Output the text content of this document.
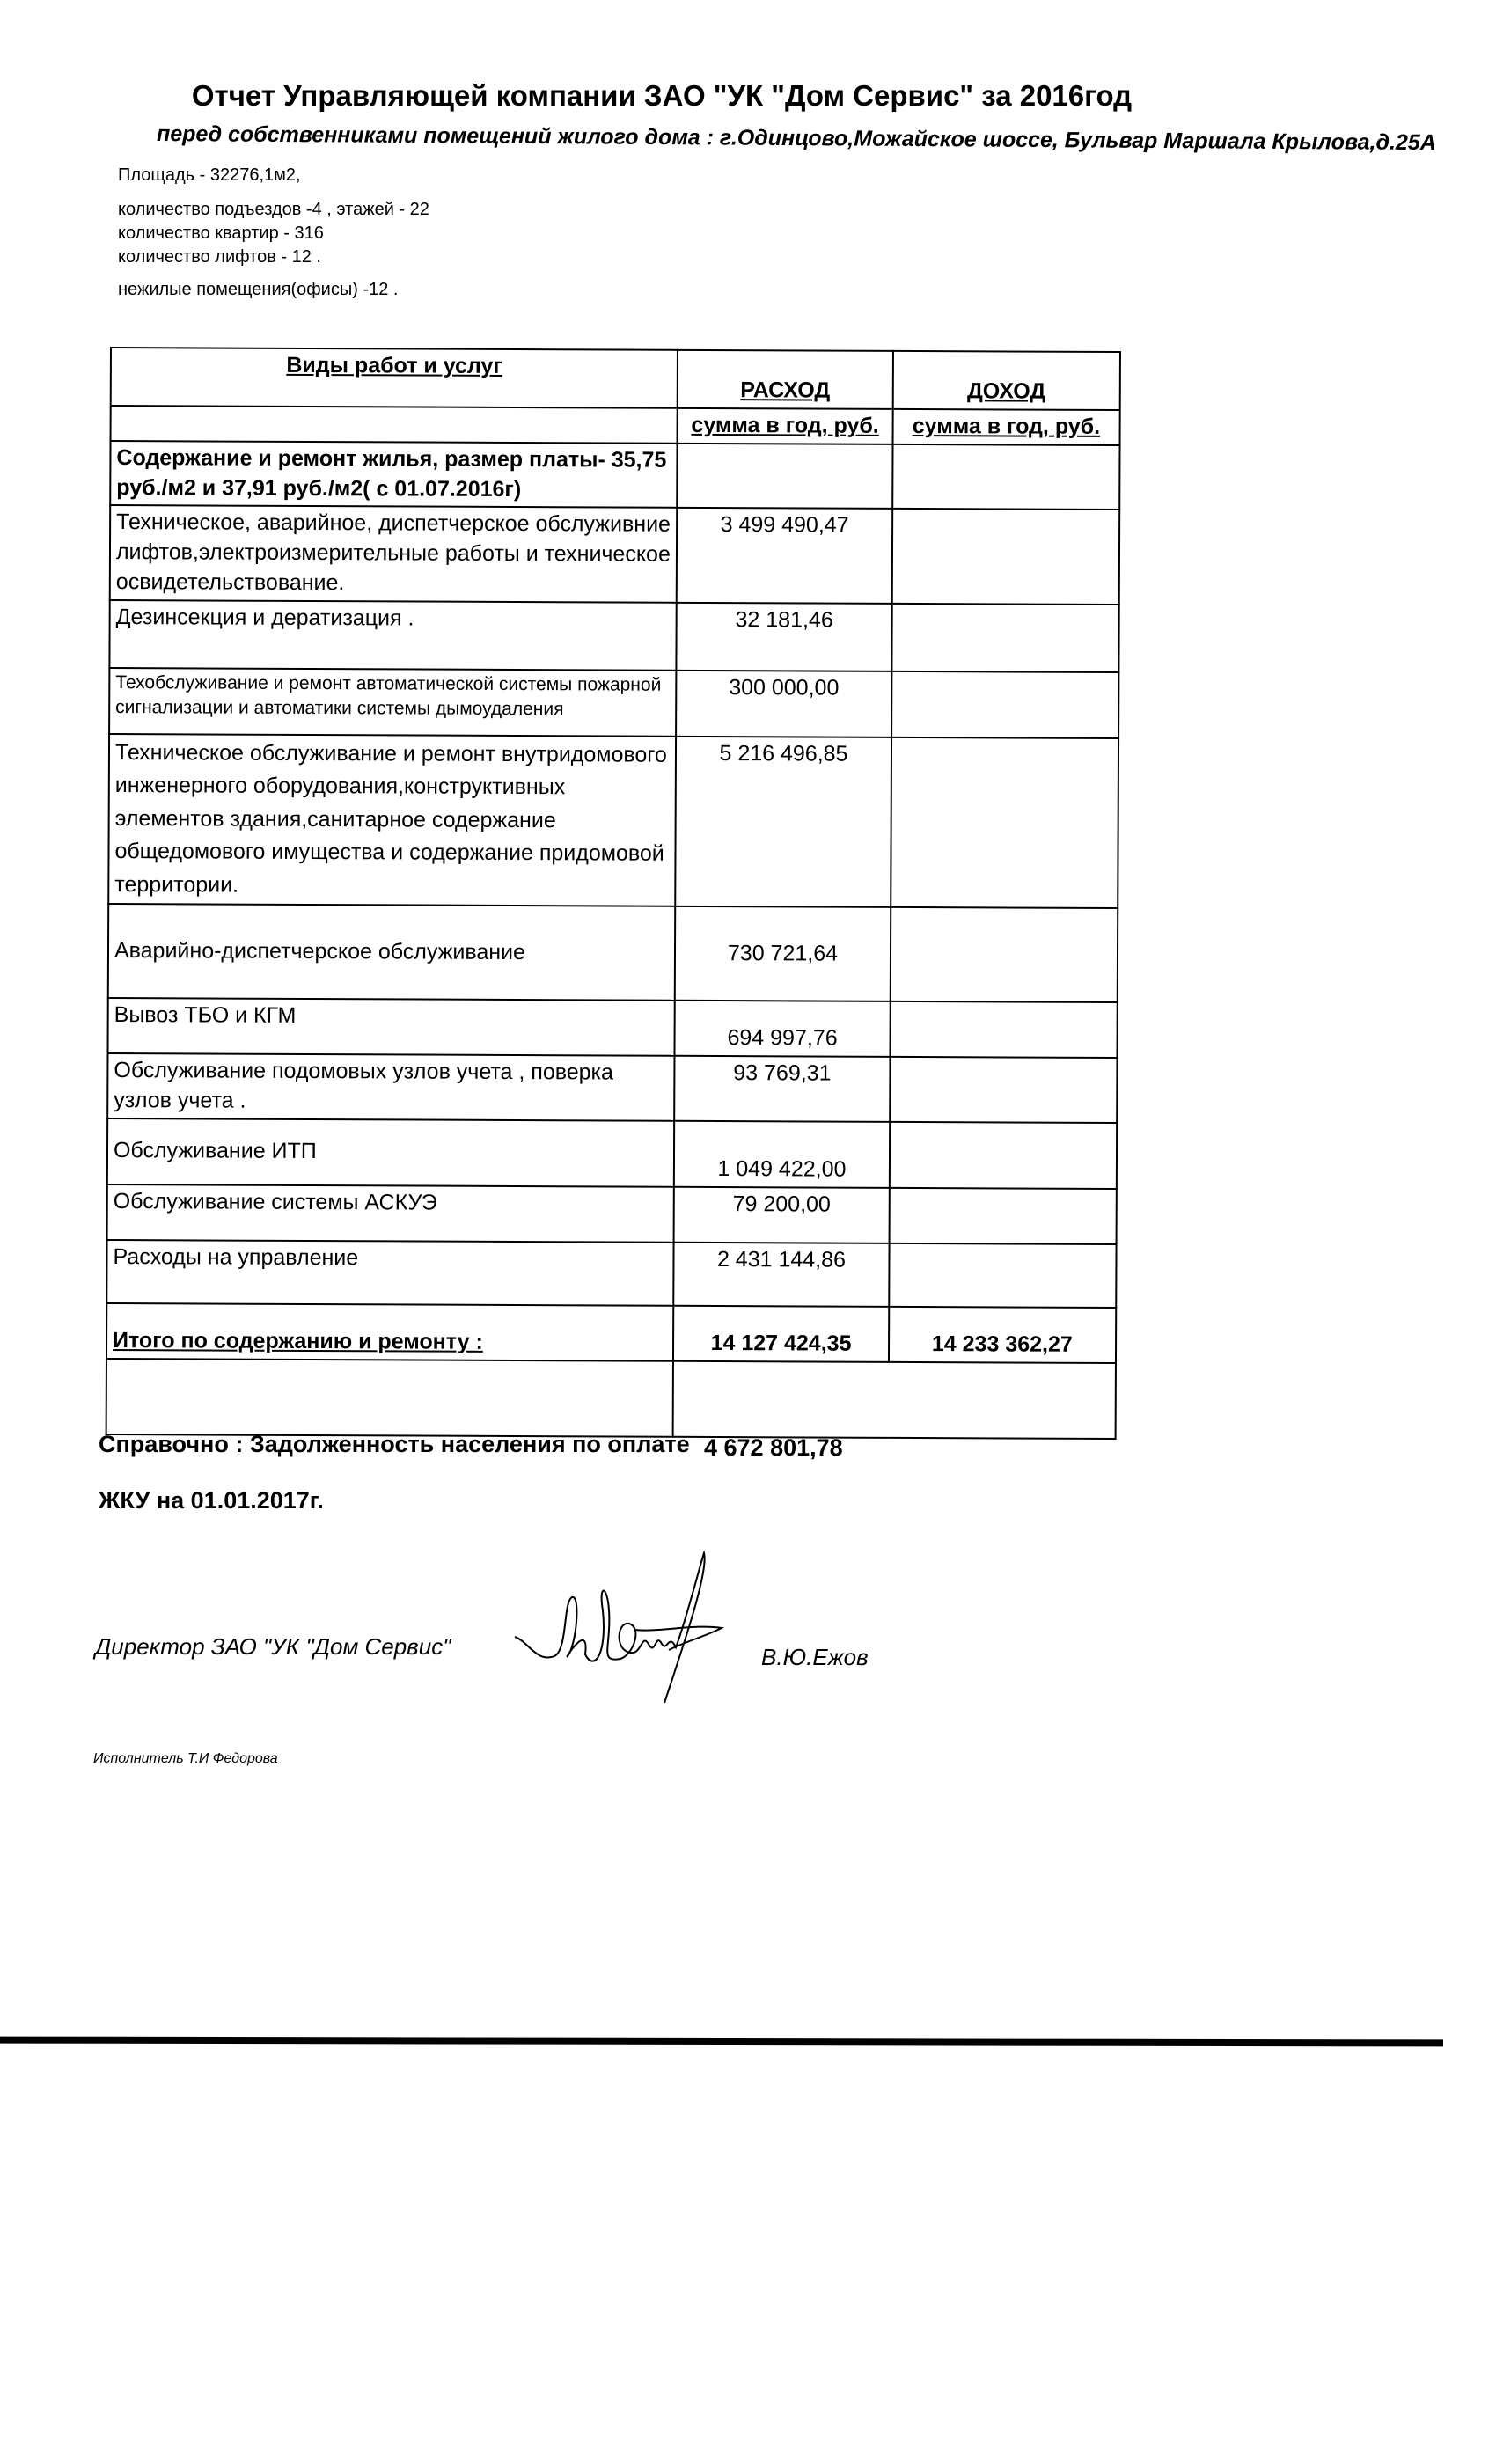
Отчет Управляющей компании ЗАО "УК "Дом Сервис" за 2016год
перед собственниками помещений жилого дома : г.Одинцово,Можайское шоссе, Бульвар Маршала Крылова,д.25А
Площадь - 32276,1м2,
количество подъездов -4 , этажей - 22
количество квартир - 316
количество лифтов - 12 .
нежилые помещения(офисы) -12 .
Виды работ и услуг	РАСХОД	ДОХОД
	сумма в год, руб.	сумма в год, руб.
Содержание и ремонт жилья, размер платы- 35,75 руб./м2 и 37,91 руб./м2( с 01.07.2016г)		
Техническое, аварийное, диспетчерское обслуживние лифтов,электроизмерительные работы и техническое освидетельствование.	3 499 490,47	
Дезинсекция и дератизация .	32 181,46	
Техобслуживание и ремонт автоматической системы пожарной сигнализации и автоматики системы дымоудаления	300 000,00	
Техническое обслуживание и ремонт внутридомового инженерного оборудования,конструктивных элементов здания,санитарное содержание общедомового имущества и содержание придомовой территории.	5 216 496,85	
Аварийно-диспетчерское обслуживание	730 721,64	
Вывоз ТБО и КГМ	694 997,76	
Обслуживание подомовых узлов учета , поверка узлов учета .	93 769,31	
Обслуживание ИТП	1 049 422,00	
Обслуживание системы АСКУЭ	79 200,00	
Расходы на управление	2 431 144,86	
Итого по содержанию и ремонту :	14 127 424,35	14 233 362,27

Справочно : Задолженность населения по оплате 4 672 801,78
ЖКУ на 01.01.2017г.
Директор ЗАО "УК "Дом Сервис"	В.Ю.Ежов
Исполнитель Т.И Федорова
